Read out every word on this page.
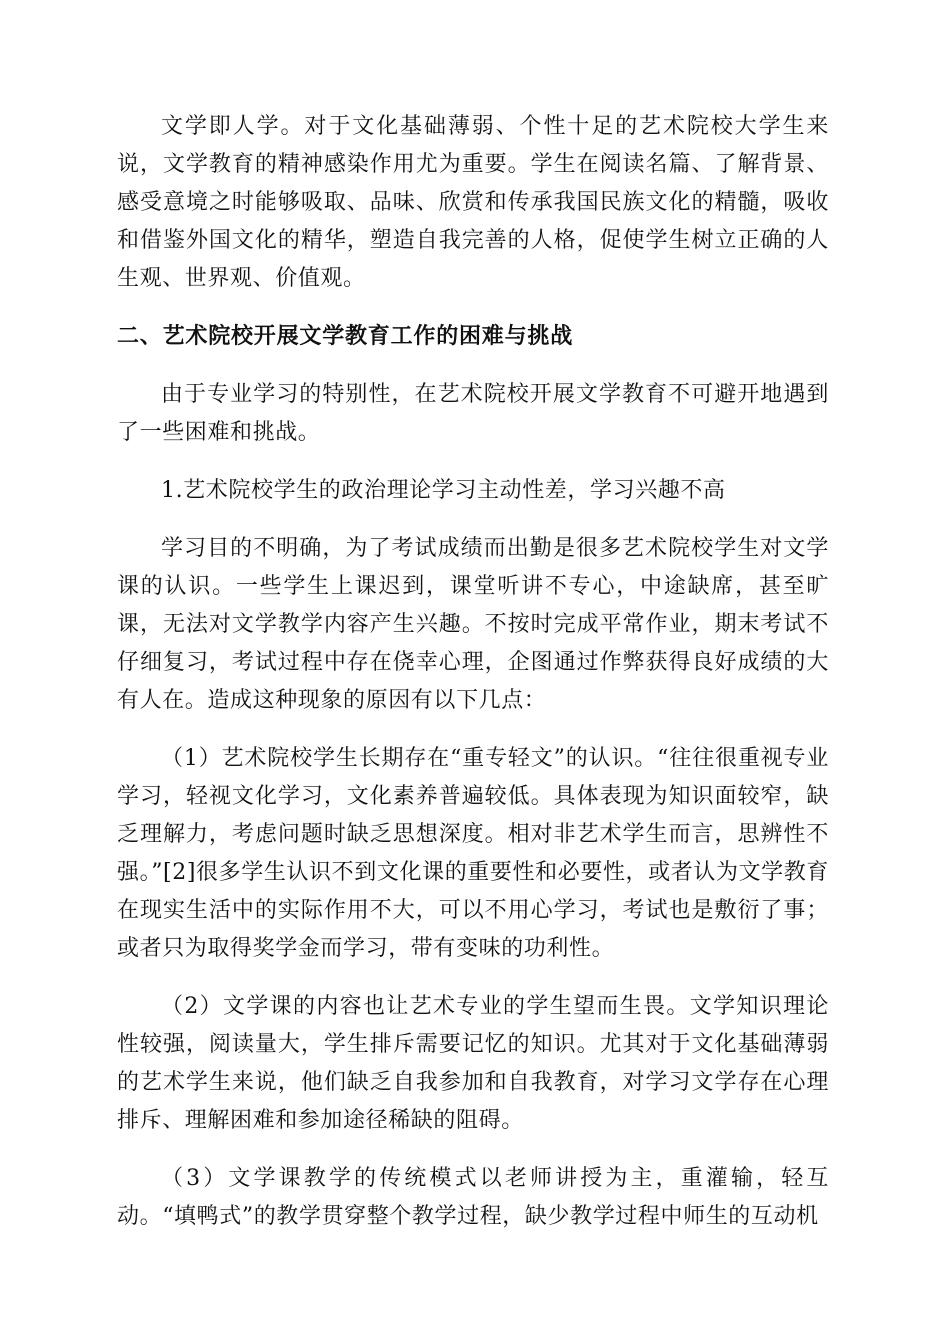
文学即人学。对于文化基础薄弱、个性十足的艺术院校大学生来说，文学教育的精神感染作用尤为重要。学生在阅读名篇、了解背景、感受意境之时能够吸取、品味、欣赏和传承我国民族文化的精髓，吸收和借鉴外国文化的精华，塑造自我完善的人格，促使学生树立正确的人生观、世界观、价值观。

二、艺术院校开展文学教育工作的困难与挑战

由于专业学习的特别性，在艺术院校开展文学教育不可避开地遇到了一些困难和挑战。

1.艺术院校学生的政治理论学习主动性差，学习兴趣不高

学习目的不明确，为了考试成绩而出勤是很多艺术院校学生对文学课的认识。一些学生上课迟到，课堂听讲不专心，中途缺席，甚至旷课，无法对文学教学内容产生兴趣。不按时完成平常作业，期末考试不仔细复习，考试过程中存在侥幸心理，企图通过作弊获得良好成绩的大有人在。造成这种现象的原因有以下几点：

（1）艺术院校学生长期存在“重专轻文”的认识。“往往很重视专业学习，轻视文化学习，文化素养普遍较低。具体表现为知识面较窄，缺乏理解力，考虑问题时缺乏思想深度。相对非艺术学生而言，思辨性不强。”[2]很多学生认识不到文化课的重要性和必要性，或者认为文学教育在现实生活中的实际作用不大，可以不用心学习，考试也是敷衍了事；或者只为取得奖学金而学习，带有变味的功利性。

（2）文学课的内容也让艺术专业的学生望而生畏。文学知识理论性较强，阅读量大，学生排斥需要记忆的知识。尤其对于文化基础薄弱的艺术学生来说，他们缺乏自我参加和自我教育，对学习文学存在心理排斥、理解困难和参加途径稀缺的阻碍。

（3）文学课教学的传统模式以老师讲授为主，重灌输，轻互动。“填鸭式”的教学贯穿整个教学过程，缺少教学过程中师生的互动机
